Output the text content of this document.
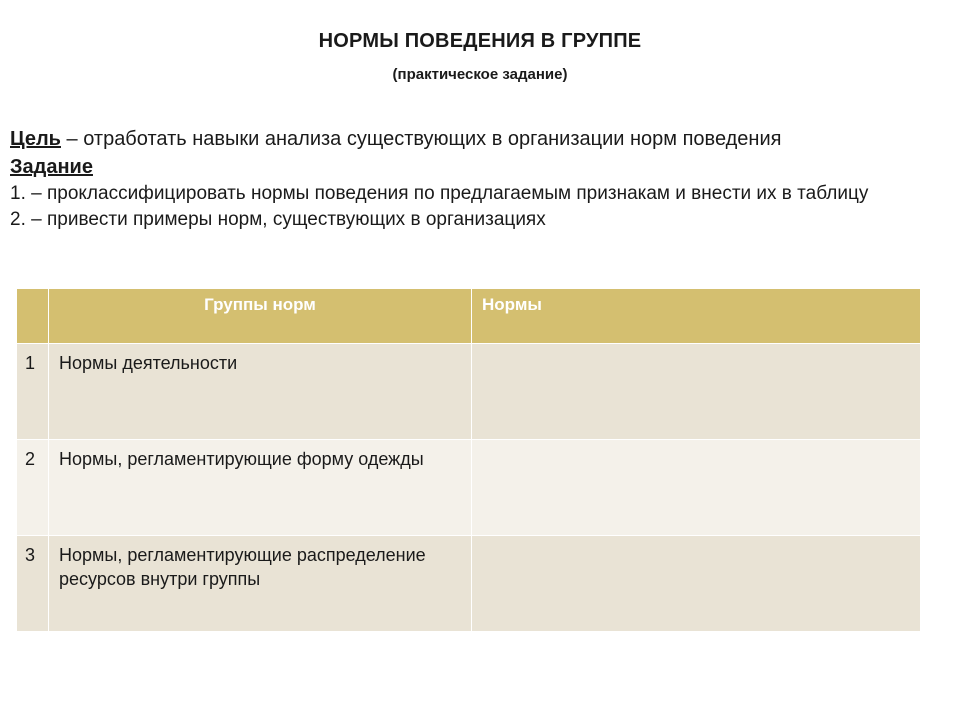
НОРМЫ ПОВЕДЕНИЯ В ГРУППЕ
(практическое задание)
Цель – отработать навыки анализа существующих в организации норм поведения
Задание
1. – проклассифицировать нормы поведения по предлагаемым признакам и внести их в таблицу
2. – привести примеры норм, существующих в организациях

	Группы норм	Нормы

1	Нормы деятельности	

2	Нормы, регламентирующие форму одежды	

3	Нормы, регламентирующие распределение ресурсов внутри группы	
